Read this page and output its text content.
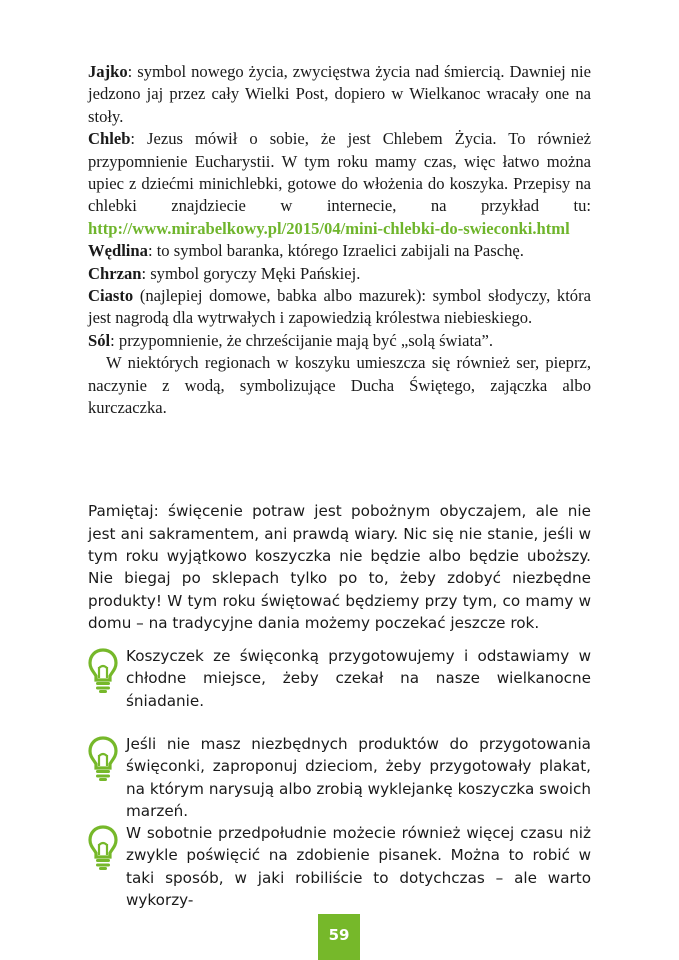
Jajko: symbol nowego życia, zwycięstwa życia nad śmiercią. Dawniej nie jedzono jaj przez cały Wielki Post, dopiero w Wielkanoc wracały one na stoły.

Chleb: Jezus mówił o sobie, że jest Chlebem Życia. To również przypomnienie Eucharystii. W tym roku mamy czas, więc łatwo można upiec z dziećmi minichlebki, gotowe do włożenia do koszyka. Przepisy na chlebki znajdziecie w internecie, na przykład tu: http://www.mirabelkowy.pl/2015/04/mini-chlebki-do-swieconki.html

Wędlina: to symbol baranka, którego Izraelici zabijali na Paschę.

Chrzan: symbol goryczy Męki Pańskiej.

Ciasto (najlepiej domowe, babka albo mazurek): symbol słodyczy, która jest nagrodą dla wytrwałych i zapowiedzią królestwa niebieskiego.

Sól: przypomnienie, że chrześcijanie mają być „solą świata”.

W niektórych regionach w koszyku umieszcza się również ser, pieprz, naczynie z wodą, symbolizujące Ducha Świętego, zajączka albo kurczaczka.

Pamiętaj: święcenie potraw jest pobożnym obyczajem, ale nie jest ani sakramentem, ani prawdą wiary. Nic się nie stanie, jeśli w tym roku wyjątkowo koszyczka nie będzie albo będzie uboższy. Nie biegaj po sklepach tylko po to, żeby zdobyć niezbędne produkty! W tym roku świętować będziemy przy tym, co mamy w domu – na tradycyjne dania możemy poczekać jeszcze rok.

Koszyczek ze święconką przygotowujemy i odstawiamy w chłodne miejsce, żeby czekał na nasze wielkanocne śniadanie.

Jeśli nie masz niezbędnych produktów do przygotowania święconki, zaproponuj dzieciom, żeby przygotowały plakat, na którym narysują albo zrobią wyklejankę koszyczka swoich marzeń.

W sobotnie przedpołudnie możecie również więcej czasu niż zwykle poświęcić na zdobienie pisanek. Można to robić w taki sposób, w jaki robiliście to dotychczas – ale warto wykorzy-

59
